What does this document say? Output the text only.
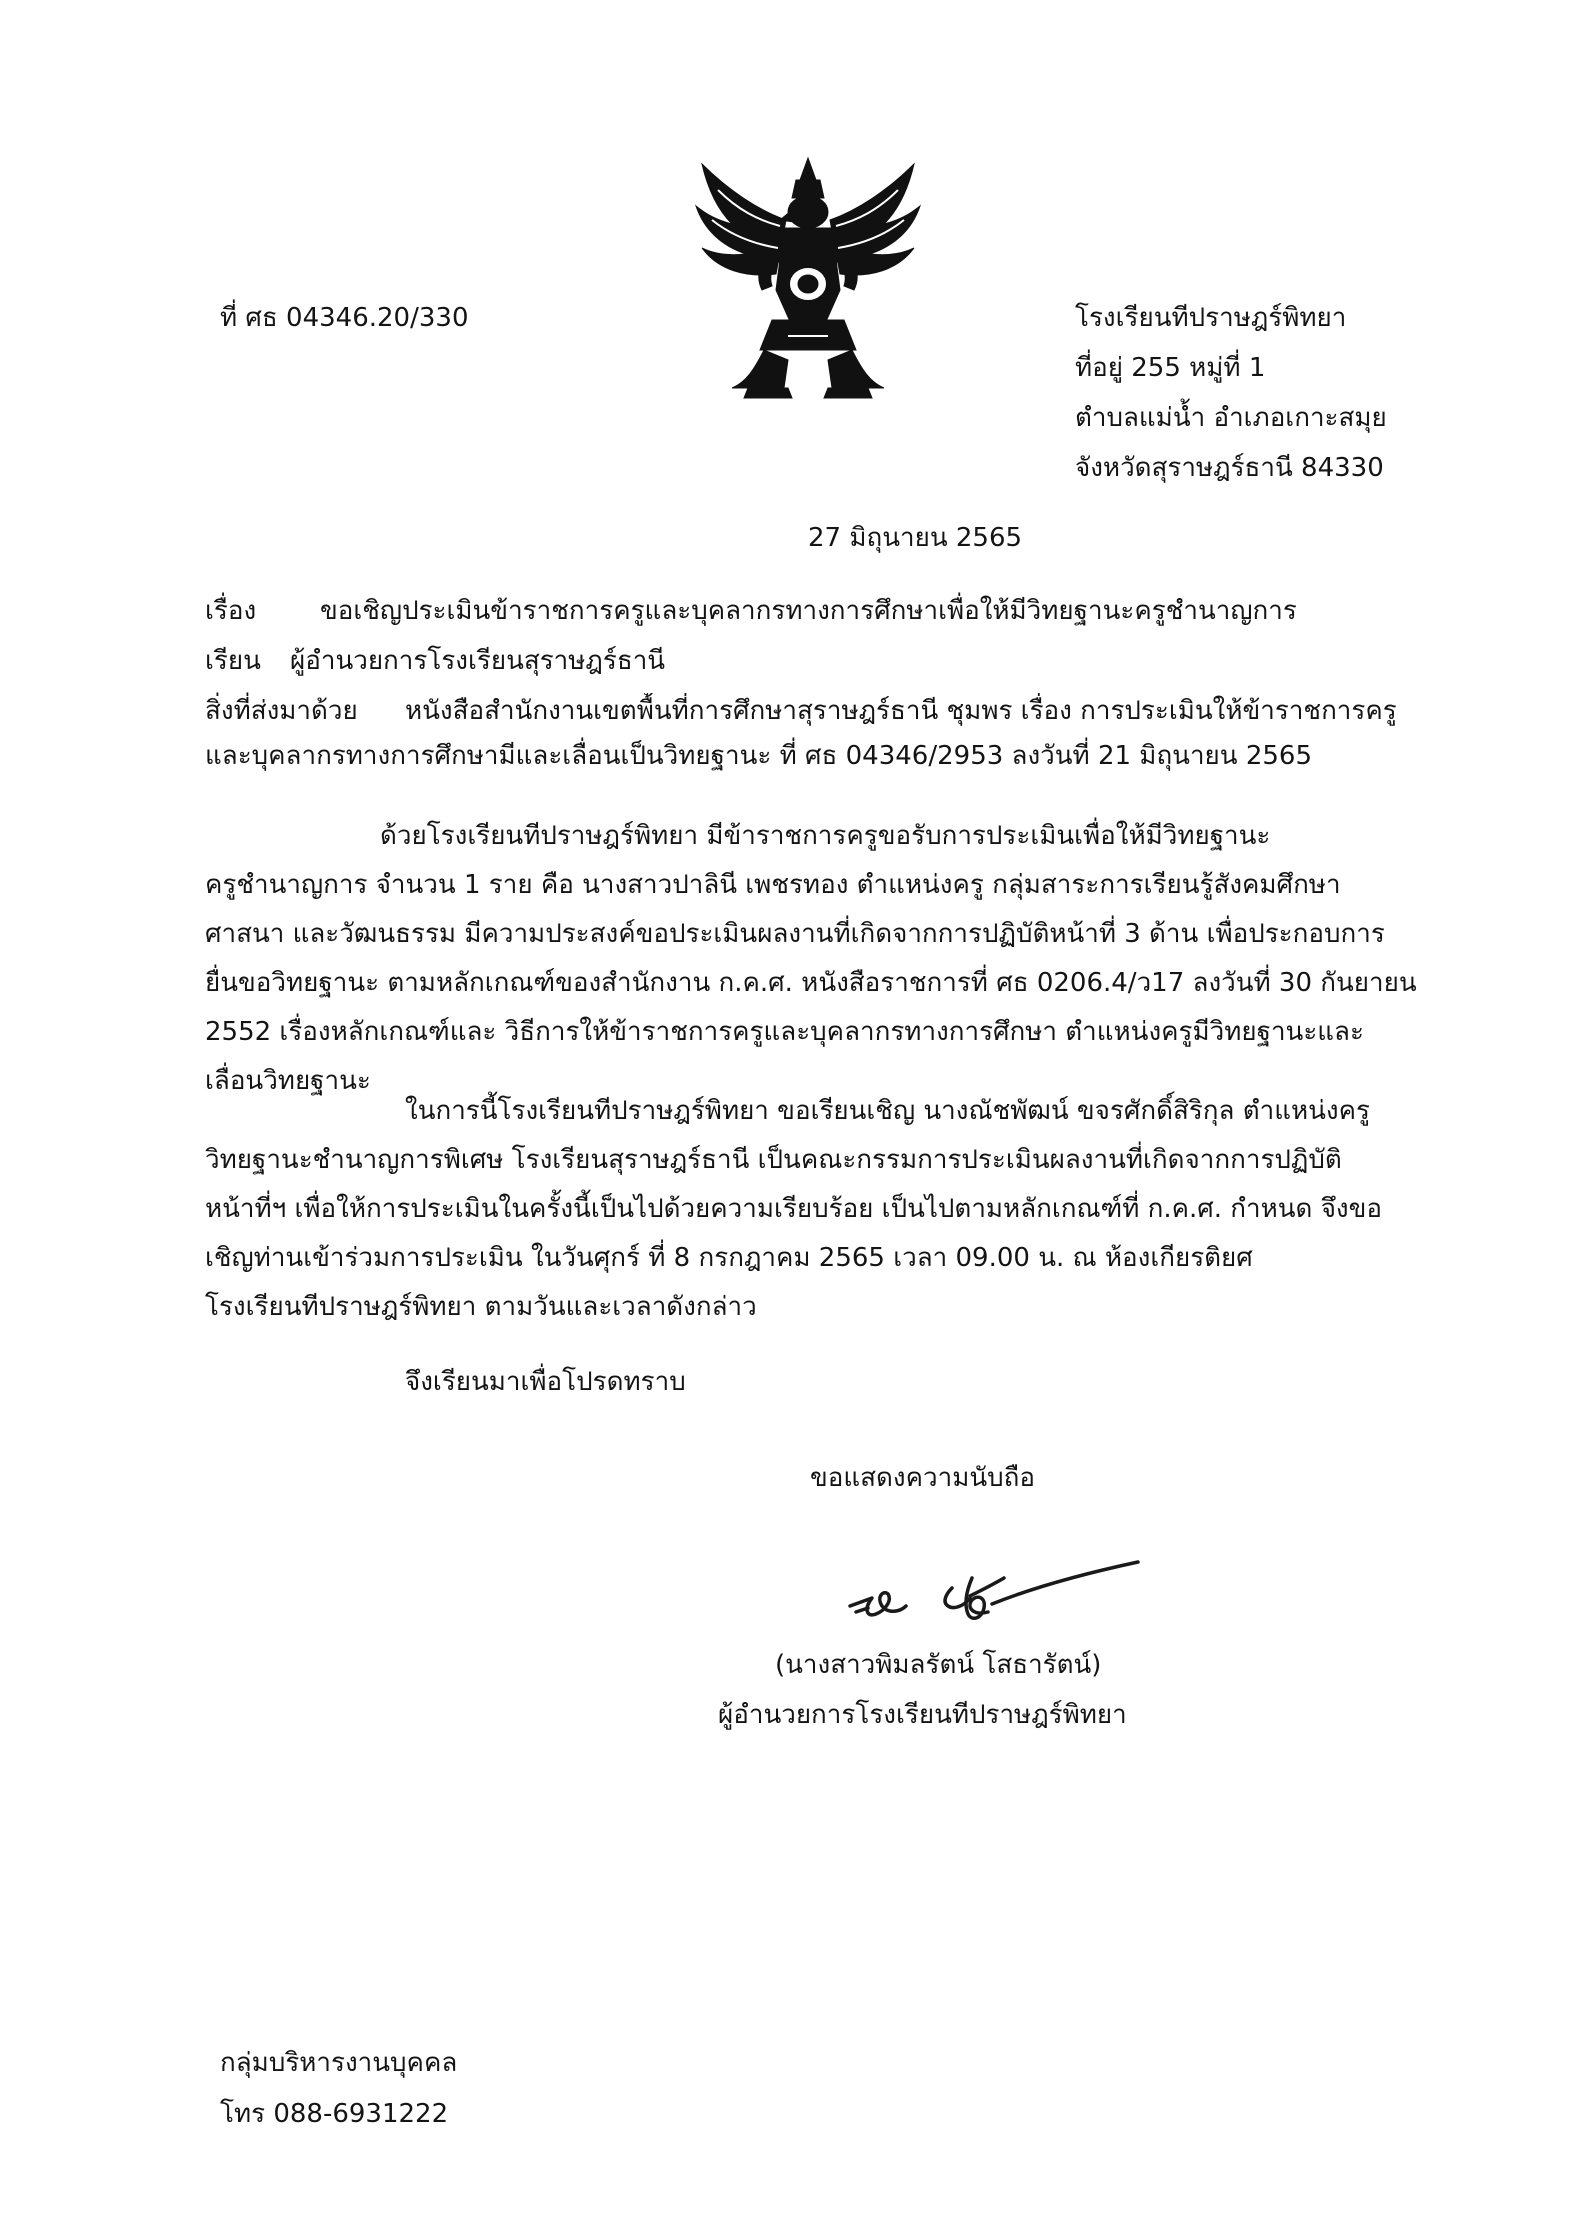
ที่ ศธ 04346.20/330	โรงเรียนทีปราษฎร์พิทยา
ที่อยู่ 255 หมู่ที่ 1
ตำบลแม่น้ำ อำเภอเกาะสมุย
จังหวัดสุราษฎร์ธานี 84330
27 มิถุนายน 2565
เรื่อง ขอเชิญประเมินข้าราชการครูและบุคลากรทางการศึกษาเพื่อให้มีวิทยฐานะครูชำนาญการ
เรียน ผู้อำนวยการโรงเรียนสุราษฎร์ธานี
สิ่งที่ส่งมาด้วย หนังสือสำนักงานเขตพื้นที่การศึกษาสุราษฎร์ธานี ชุมพร เรื่อง การประเมินให้ข้าราชการครู
และบุคลากรทางการศึกษามีและเลื่อนเป็นวิทยฐานะ ที่ ศธ 04346/2953 ลงวันที่ 21 มิถุนายน 2565
ด้วยโรงเรียนทีปราษฎร์พิทยา มีข้าราชการครูขอรับการประเมินเพื่อให้มีวิทยฐานะ
ครูชำนาญการ จำนวน 1 ราย คือ นางสาวปาลินี เพชรทอง ตำแหน่งครู กลุ่มสาระการเรียนรู้สังคมศึกษา
ศาสนา และวัฒนธรรม มีความประสงค์ขอประเมินผลงานที่เกิดจากการปฏิบัติหน้าที่ 3 ด้าน เพื่อประกอบการ
ยื่นขอวิทยฐานะ ตามหลักเกณฑ์ของสำนักงาน ก.ค.ศ. หนังสือราชการที่ ศธ 0206.4/ว17 ลงวันที่ 30 กันยายน
2552 เรื่องหลักเกณฑ์และ วิธีการให้ข้าราชการครูและบุคลากรทางการศึกษา ตำแหน่งครูมีวิทยฐานะและ
เลื่อนวิทยฐานะ
ในการนี้โรงเรียนทีปราษฎร์พิทยา ขอเรียนเชิญ นางณัชพัฒน์ ขจรศักดิ์สิริกุล ตำแหน่งครู
วิทยฐานะชำนาญการพิเศษ โรงเรียนสุราษฎร์ธานี เป็นคณะกรรมการประเมินผลงานที่เกิดจากการปฏิบัติ
หน้าที่ฯ เพื่อให้การประเมินในครั้งนี้เป็นไปด้วยความเรียบร้อย เป็นไปตามหลักเกณฑ์ที่ ก.ค.ศ. กำหนด จึงขอ
เชิญท่านเข้าร่วมการประเมิน ในวันศุกร์ ที่ 8 กรกฎาคม 2565 เวลา 09.00 น. ณ ห้องเกียรติยศ
โรงเรียนทีปราษฎร์พิทยา ตามวันและเวลาดังกล่าว
จึงเรียนมาเพื่อโปรดทราบ
ขอแสดงความนับถือ
(นางสาวพิมลรัตน์ โสธารัตน์)
ผู้อำนวยการโรงเรียนทีปราษฎร์พิทยา
กลุ่มบริหารงานบุคคล
โทร 088-6931222
